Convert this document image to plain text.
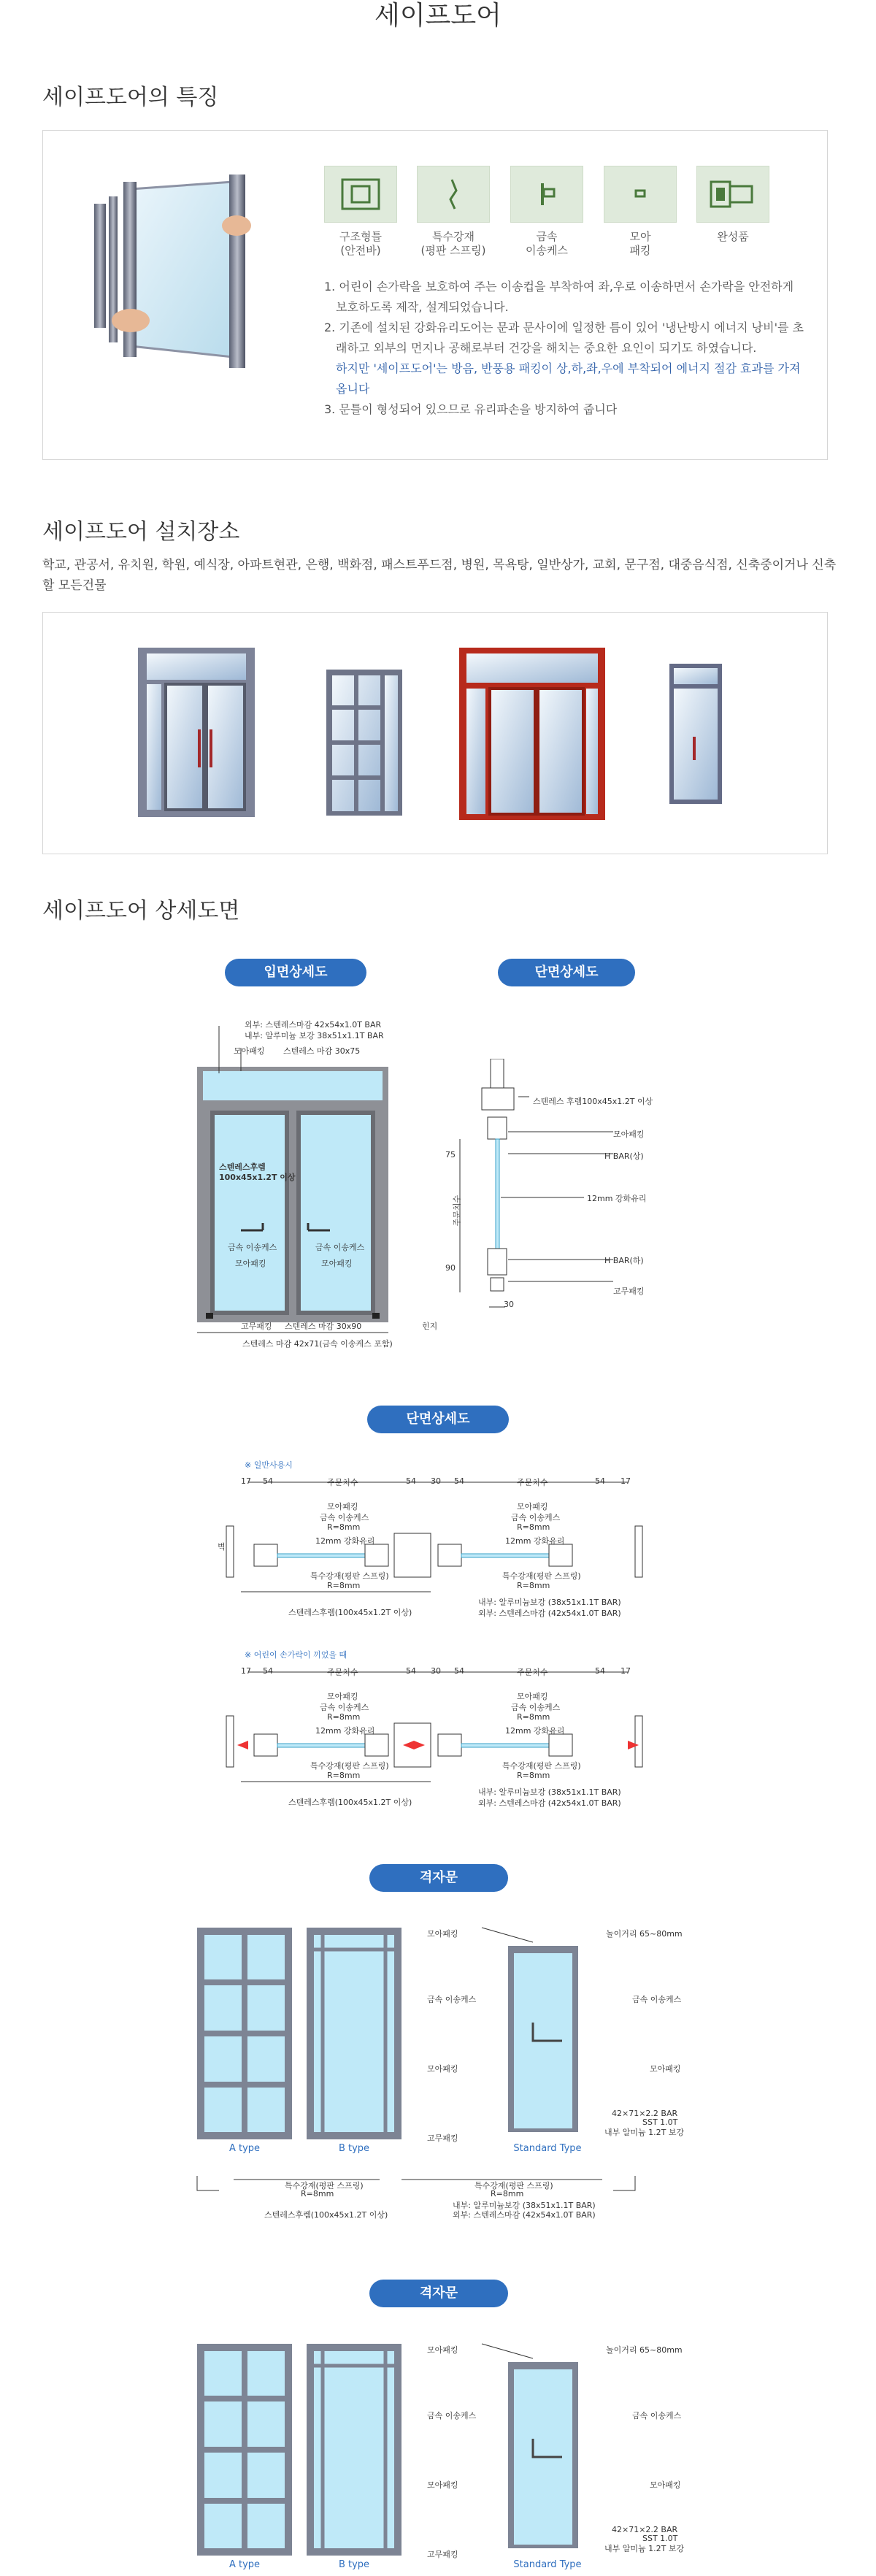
세이프도어
세이프도어의 특징
구조형틀
(안전바)
특수강재
(평판 스프링)
금속
이송케스
모아
패킹
완성품
1. 어린이 손가락을 보호하여 주는 이송컵을 부착하여 좌,우로 이송하면서 손가락을 안전하게 보호하도록 제작, 설계되었습니다.
2. 기존에 설치된 강화유리도어는 문과 문사이에 일정한 틈이 있어 '냉난방시 에너지 낭비'를 초래하고 외부의 먼지나 공해로부터 건강을 해치는 중요한 요인이 되기도 하였습니다.
하지만 '세이프도어'는 방음, 반풍용 패킹이 상,하,좌,우에 부착되어 에너지 절감 효과를 가져옵니다
3. 문틀이 형성되어 있으므로 유리파손을 방지하여 줍니다
세이프도어 설치장소
학교, 관공서, 유치원, 학원, 예식장, 아파트현관, 은행, 백화점, 패스트푸드점, 병원, 목욕탕, 일반상가, 교회, 문구점, 대중음식점, 신축중이거나 신축할 모든건물
세이프도어 상세도면
입면상세도	단면상세도
외부: 스텐레스마감 42x54x1.0T BAR
내부: 알루미늄 보강 38x51x1.1T BAR
모아패킹 스텐레스 마감 30x75
스텐레스후렘
100x45x1.2T 이상
금속 이송케스
모아패킹
금속 이송케스
모아패킹
고무패킹 스텐레스 마감 30x90	힌지
스텐레스 마감 42x71(금속 이송케스 포함)
스텐레스 후렘100x45x1.2T 이상
모아패킹
H BAR(상)
12mm 강화유리
H BAR(하)
고무패킹
75
90
30
주문치수
단면상세도
※ 일반사용시
17 54	주문치수	54 30 54	주문치수	54 17
모아패킹
금속 이송케스
R=8mm
12mm 강화유리
모아패킹
금속 이송케스
R=8mm
12mm 강화유리
특수강재(평판 스프링)
R=8mm
특수강재(평판 스프링)
R=8mm
스텐레스후렘(100x45x1.2T 이상)
내부: 알루미늄보강 (38x51x1.1T BAR)
외부: 스텐레스마감 (42x54x1.0T BAR)
벽
※ 어린이 손가락이 끼었을 때
17 54	주문치수	54 30 54	주문치수	54 17
모아패킹
금속 이송케스
R=8mm
12mm 강화유리
모아패킹
금속 이송케스
R=8mm
12mm 강화유리
특수강재(평판 스프링)
R=8mm
특수강재(평판 스프링)
R=8mm
스텐레스후렘(100x45x1.2T 이상)
내부: 알루미늄보강 (38x51x1.1T BAR)
외부: 스텐레스마감 (42x54x1.0T BAR)
격자문
A type	B type	Standard Type
모아패킹	놀이거리 65~80mm
금속 이송케스	금속 이송케스
모아패킹	모아패킹
42×71×2.2 BAR
SST 1.0T
내부 알미늄 1.2T 보강
고무패킹
특수강재(평판 스프링)
R=8mm
특수강재(평판 스프링)
R=8mm
스텐레스후렘(100x45x1.2T 이상)
내부: 알루미늄보강 (38x51x1.1T BAR)
외부: 스텐레스마감 (42x54x1.0T BAR)
격자문
A type	B type	Standard Type
모아패킹	놀이거리 65~80mm
금속 이송케스	금속 이송케스
모아패킹	모아패킹
42×71×2.2 BAR
SST 1.0T
내부 알미늄 1.2T 보강
고무패킹
